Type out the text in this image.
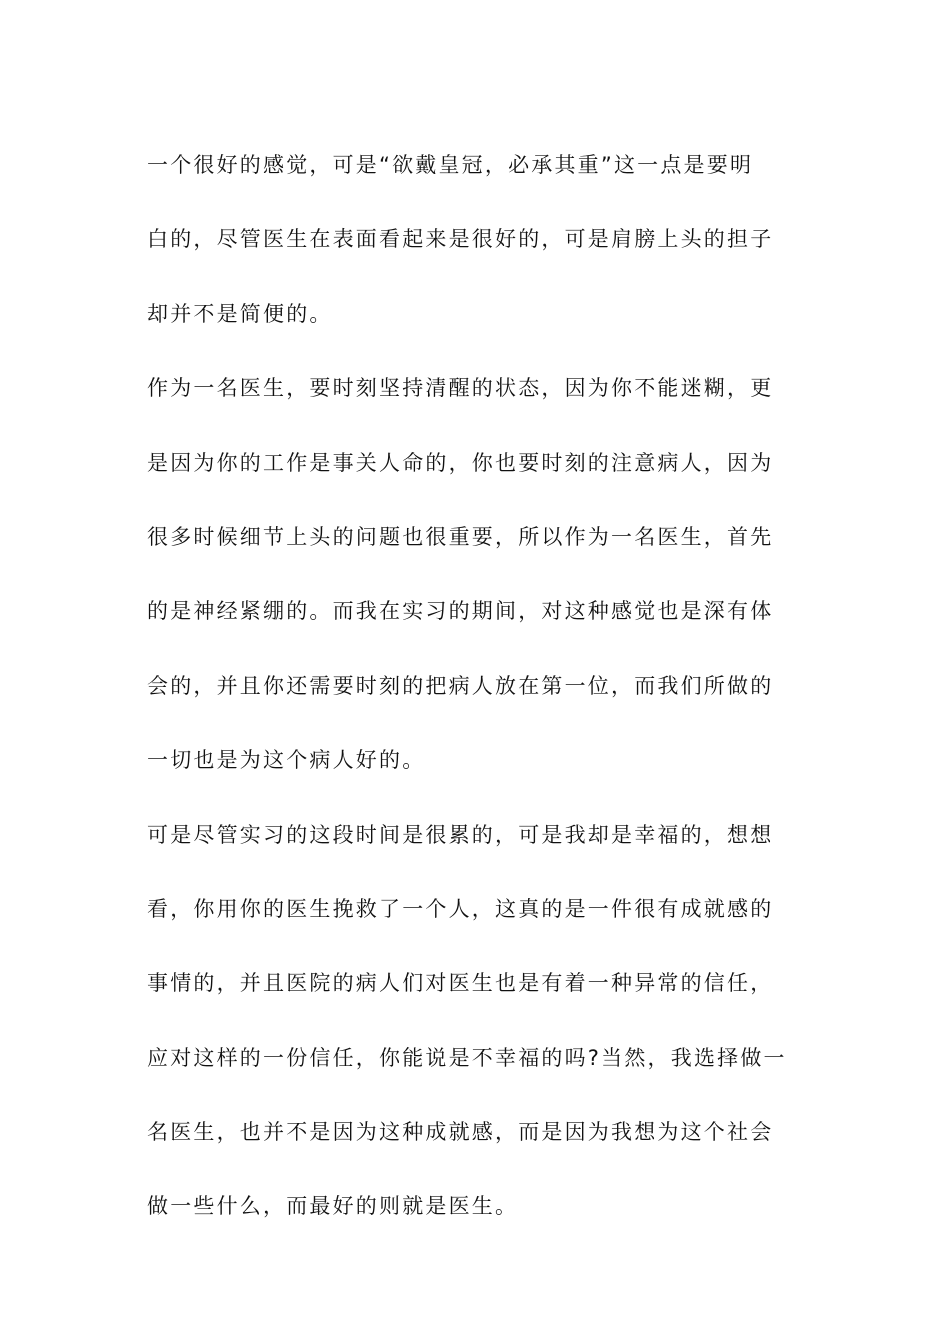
一个很好的感觉，可是“欲戴皇冠，必承其重”这一点是要明
白的，尽管医生在表面看起来是很好的，可是肩膀上头的担子
却并不是简便的。
作为一名医生，要时刻坚持清醒的状态，因为你不能迷糊，更
是因为你的工作是事关人命的，你也要时刻的注意病人，因为
很多时候细节上头的问题也很重要，所以作为一名医生，首先
的是神经紧绷的。而我在实习的期间，对这种感觉也是深有体
会的，并且你还需要时刻的把病人放在第一位，而我们所做的
一切也是为这个病人好的。
可是尽管实习的这段时间是很累的，可是我却是幸福的，想想
看，你用你的医生挽救了一个人，这真的是一件很有成就感的
事情的，并且医院的病人们对医生也是有着一种异常的信任，
应对这样的一份信任，你能说是不幸福的吗?当然，我选择做一
名医生，也并不是因为这种成就感，而是因为我想为这个社会
做一些什么，而最好的则就是医生。
